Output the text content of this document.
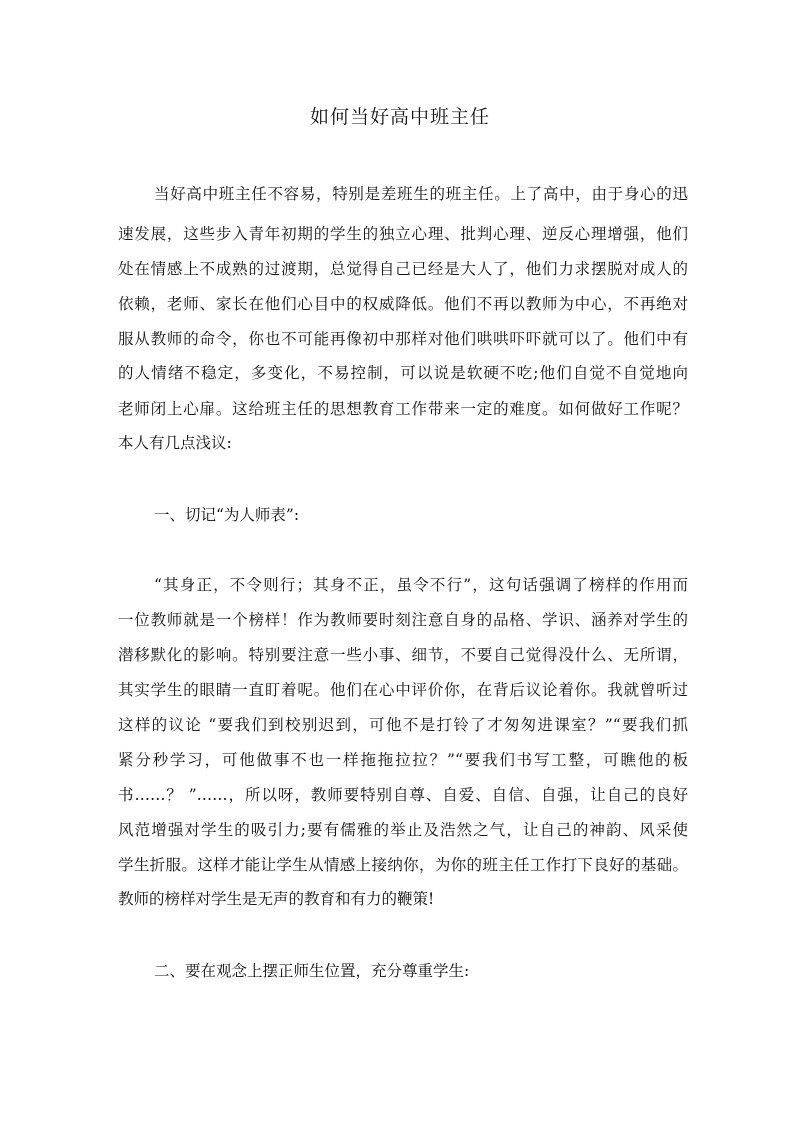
如何当好高中班主任
当好高中班主任不容易，特别是差班生的班主任。上了高中，由于身心的迅
速发展，这些步入青年初期的学生的独立心理、批判心理、逆反心理增强，他们
处在情感上不成熟的过渡期，总觉得自己已经是大人了，他们力求摆脱对成人的
依赖，老师、家长在他们心目中的权威降低。他们不再以教师为中心，不再绝对
服从教师的命令，你也不可能再像初中那样对他们哄哄吓吓就可以了。他们中有
的人情绪不稳定，多变化，不易控制，可以说是软硬不吃;他们自觉不自觉地向
老师闭上心扉。这给班主任的思想教育工作带来一定的难度。如何做好工作呢？
本人有几点浅议:
一、切记“为人师表”:
“其身正，不令则行；其身不正，虽令不行”，这句话强调了榜样的作用而
一位教师就是一个榜样！作为教师要时刻注意自身的品格、学识、涵养对学生的
潜移默化的影响。特别要注意一些小事、细节，不要自己觉得没什么、无所谓，
其实学生的眼睛一直盯着呢。他们在心中评价你，在背后议论着你。我就曾听过
这样的议论 “要我们到校别迟到，可他不是打铃了才匆匆进课室？”“要我们抓
紧分秒学习，可他做事不也一样拖拖拉拉？”“要我们书写工整，可瞧他的板
书……？ ”……，所以呀，教师要特别自尊、自爱、自信、自强，让自己的良好
风范增强对学生的吸引力;要有儒雅的举止及浩然之气，让自己的神韵、风采使
学生折服。这样才能让学生从情感上接纳你，为你的班主任工作打下良好的基础。
教师的榜样对学生是无声的教育和有力的鞭策!
二、要在观念上摆正师生位置，充分尊重学生:
